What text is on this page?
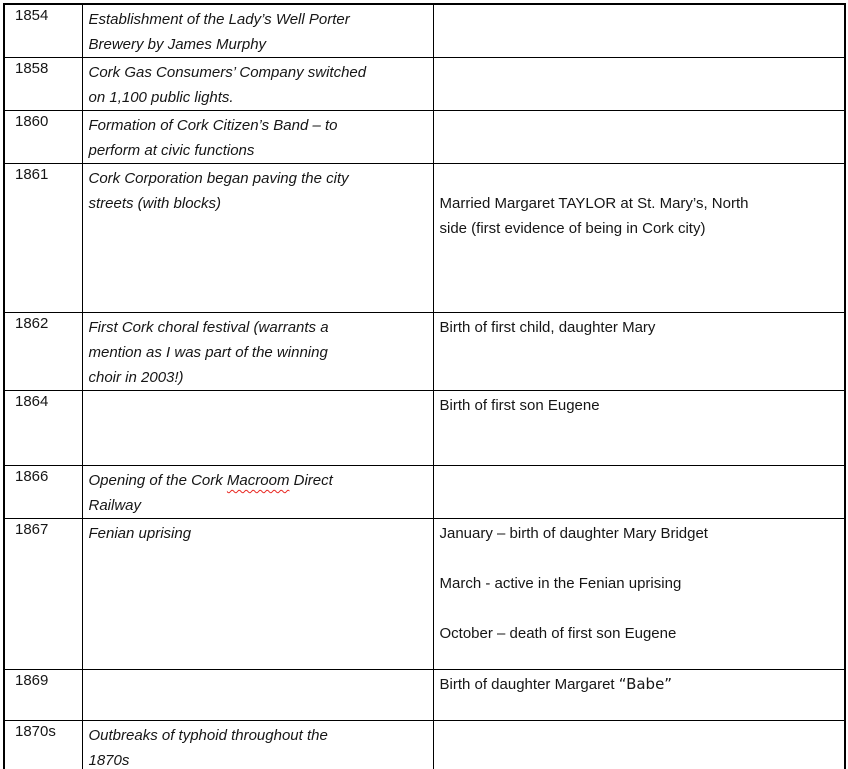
1854	Establishment of the Lady’s Well Porter
Brewery by James Murphy	

1858	Cork Gas Consumers’ Company switched
on 1,100 public lights.	

1860	Formation of Cork Citizen’s Band – to
perform at civic functions	

1861	Cork Corporation began paving the city
streets (with blocks)	Married Margaret TAYLOR at St. Mary’s, North
side (first evidence of being in Cork city)

1862	First Cork choral festival (warrants a
mention as I was part of the winning
choir in 2003!)	Birth of first child, daughter Mary

1864		Birth of first son Eugene

1866	Opening of the Cork Macroom Direct
Railway	

1867	Fenian uprising	January – birth of daughter Mary Bridget
March - active in the Fenian uprising
October – death of first son Eugene

1869		Birth of daughter Margaret “Babe”

1870s	Outbreaks of typhoid throughout the
1870s	
